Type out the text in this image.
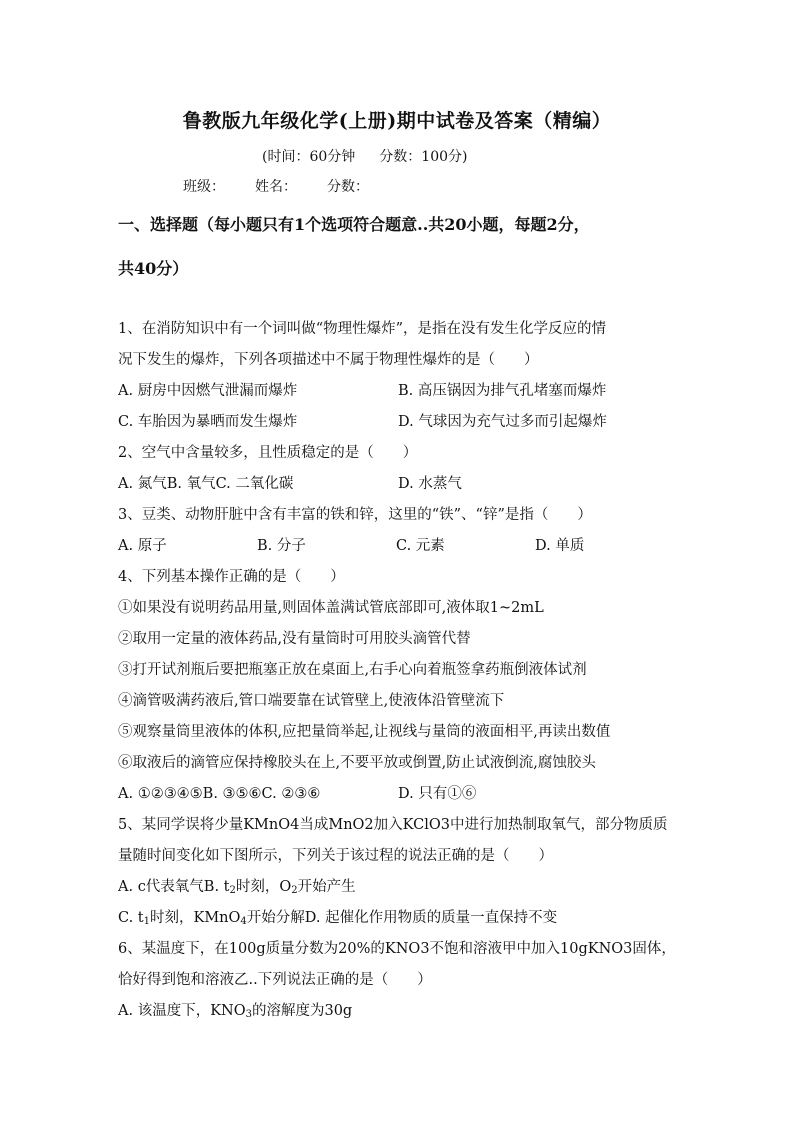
鲁教版九年级化学(上册)期中试卷及答案（精编）
(时间：60分钟 分数：100分)
班级： 姓名： 分数：
一、选择题（每小题只有1个选项符合题意..共20小题，每题2分，
共40分）
1、在消防知识中有一个词叫做“物理性爆炸”，是指在没有发生化学反应的情
况下发生的爆炸，下列各项描述中不属于物理性爆炸的是（　　）
A. 厨房中因燃气泄漏而爆炸	B. 高压锅因为排气孔堵塞而爆炸
C. 车胎因为暴晒而发生爆炸	D. 气球因为充气过多而引起爆炸
2、空气中含量较多，且性质稳定的是（　　）
A. 氮气B. 氧气C. 二氧化碳	D. 水蒸气
3、豆类、动物肝脏中含有丰富的铁和锌，这里的“铁”、“锌”是指（　　）
A. 原子	B. 分子	C. 元素	D. 单质
4、下列基本操作正确的是（　　）
①如果没有说明药品用量,则固体盖满试管底部即可,液体取1~2mL
②取用一定量的液体药品,没有量筒时可用胶头滴管代替
③打开试剂瓶后要把瓶塞正放在桌面上,右手心向着瓶签拿药瓶倒液体试剂
④滴管吸满药液后,管口端要靠在试管壁上,使液体沿管壁流下
⑤观察量筒里液体的体积,应把量筒举起,让视线与量筒的液面相平,再读出数值
⑥取液后的滴管应保持橡胶头在上,不要平放或倒置,防止试液倒流,腐蚀胶头
A. ①②③④⑤B. ③⑤⑥C. ②③⑥	D. 只有①⑥
5、某同学误将少量KMnO4当成MnO2加入KClO3中进行加热制取氧气，部分物质质
量随时间变化如下图所示，下列关于该过程的说法正确的是（　　）
A. c代表氧气B. $t_2$时刻，$O_2$开始产生
C. $t_1$时刻，KMnO$_4$开始分解D. 起催化作用物质的质量一直保持不变
6、某温度下，在100g质量分数为20%的KNO3不饱和溶液甲中加入10gKNO3固体，
恰好得到饱和溶液乙..下列说法正确的是（　　）
A. 该温度下，$KNO_3$的溶解度为30g
